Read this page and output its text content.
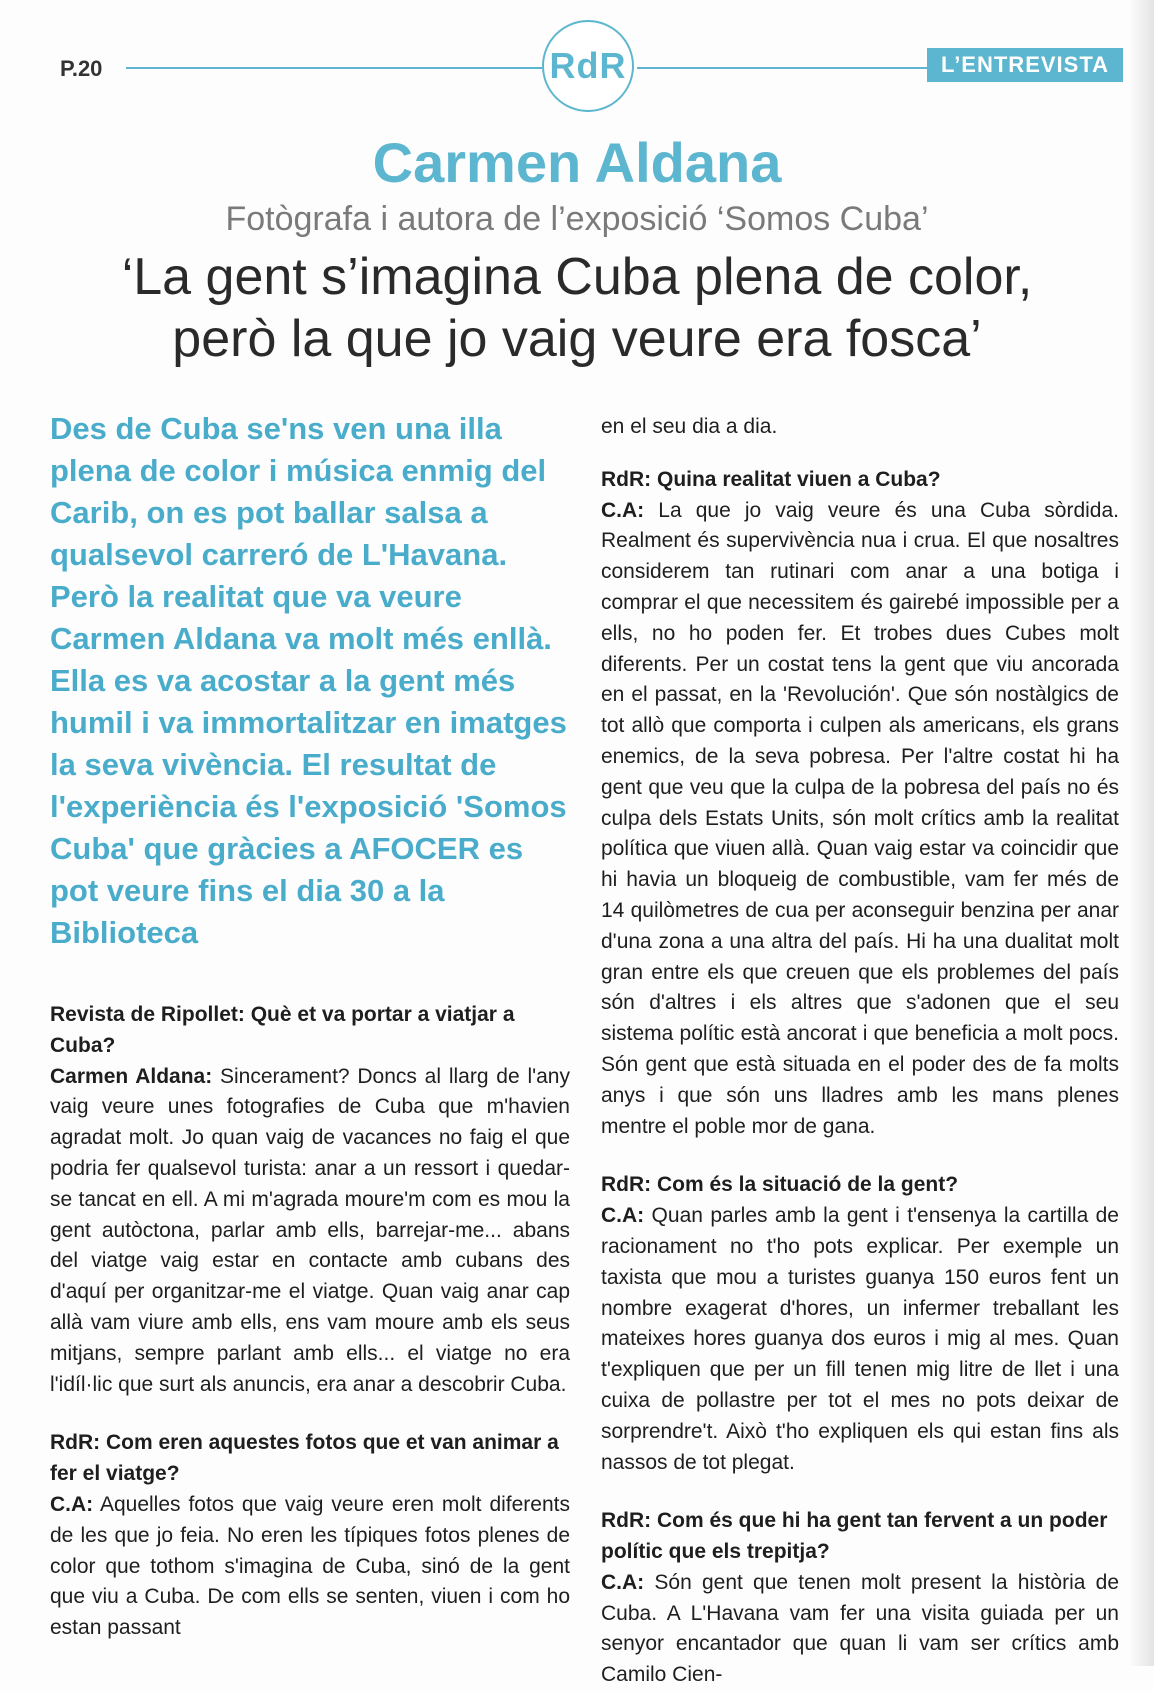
P.20	RdR	L’ENTREVISTA
Carmen Aldana

Fotògrafa i autora de l’exposició ‘Somos Cuba’

‘La gent s’imagina Cuba plena de color,
però la que jo vaig veure era fosca’

Des de Cuba se'ns ven una illa plena de color i música enmig del Carib, on es pot ballar salsa a qualsevol carreró de L'Havana. Però la realitat que va veure Carmen Aldana va molt més enllà. Ella es va acostar a la gent més humil i va immortalitzar en imatges la seva vivència. El resultat de l'experiència és l'exposició 'Somos Cuba' que gràcies a AFOCER es pot veure fins el dia 30 a la Biblioteca

Revista de Ripollet: Què et va portar a viatjar a Cuba?

Carmen Aldana: Sincerament? Doncs al llarg de l'any vaig veure unes fotografies de Cuba que m'havien agradat molt. Jo quan vaig de vacances no faig el que podria fer qualsevol turista: anar a un ressort i quedar-se tancat en ell. A mi m'agrada moure'm com es mou la gent autòctona, parlar amb ells, barrejar-me... abans del viatge vaig estar en contacte amb cubans des d'aquí per organitzar-me el viatge. Quan vaig anar cap allà vam viure amb ells, ens vam moure amb els seus mitjans, sempre parlant amb ells... el viatge no era l'idíl·lic que surt als anuncis, era anar a descobrir Cuba.

RdR: Com eren aquestes fotos que et van animar a fer el viatge?

C.A: Aquelles fotos que vaig veure eren molt diferents de les que jo feia. No eren les típiques fotos plenes de color que tothom s'imagina de Cuba, sinó de la gent que viu a Cuba. De com ells se senten, viuen i com ho estan passant

en el seu dia a dia.

RdR: Quina realitat viuen a Cuba?

C.A: La que jo vaig veure és una Cuba sòrdida. Realment és supervivència nua i crua. El que nosaltres considerem tan rutinari com anar a una botiga i comprar el que necessitem és gairebé impossible per a ells, no ho poden fer. Et trobes dues Cubes molt diferents. Per un costat tens la gent que viu ancorada en el passat, en la 'Revolución'. Que són nostàlgics de tot allò que comporta i culpen als americans, els grans enemics, de la seva pobresa. Per l'altre costat hi ha gent que veu que la culpa de la pobresa del país no és culpa dels Estats Units, són molt crítics amb la realitat política que viuen allà. Quan vaig estar va coincidir que hi havia un bloqueig de combustible, vam fer més de 14 quilòmetres de cua per aconseguir benzina per anar d'una zona a una altra del país. Hi ha una dualitat molt gran entre els que creuen que els problemes del país són d'altres i els altres que s'adonen que el seu sistema polític està ancorat i que beneficia a molt pocs. Són gent que està situada en el poder des de fa molts anys i que són uns lladres amb les mans plenes mentre el poble mor de gana.

RdR: Com és la situació de la gent?

C.A: Quan parles amb la gent i t'ensenya la cartilla de racionament no t'ho pots explicar. Per exemple un taxista que mou a turistes guanya 150 euros fent un nombre exagerat d'hores, un infermer treballant les mateixes hores guanya dos euros i mig al mes. Quan t'expliquen que per un fill tenen mig litre de llet i una cuixa de pollastre per tot el mes no pots deixar de sorprendre't. Això t'ho expliquen els qui estan fins als nassos de tot plegat.

RdR: Com és que hi ha gent tan fervent a un poder polític que els trepitja?

C.A: Són gent que tenen molt present la història de Cuba. A L'Havana vam fer una visita guiada per un senyor encantador que quan li vam ser crítics amb Camilo Cien-
